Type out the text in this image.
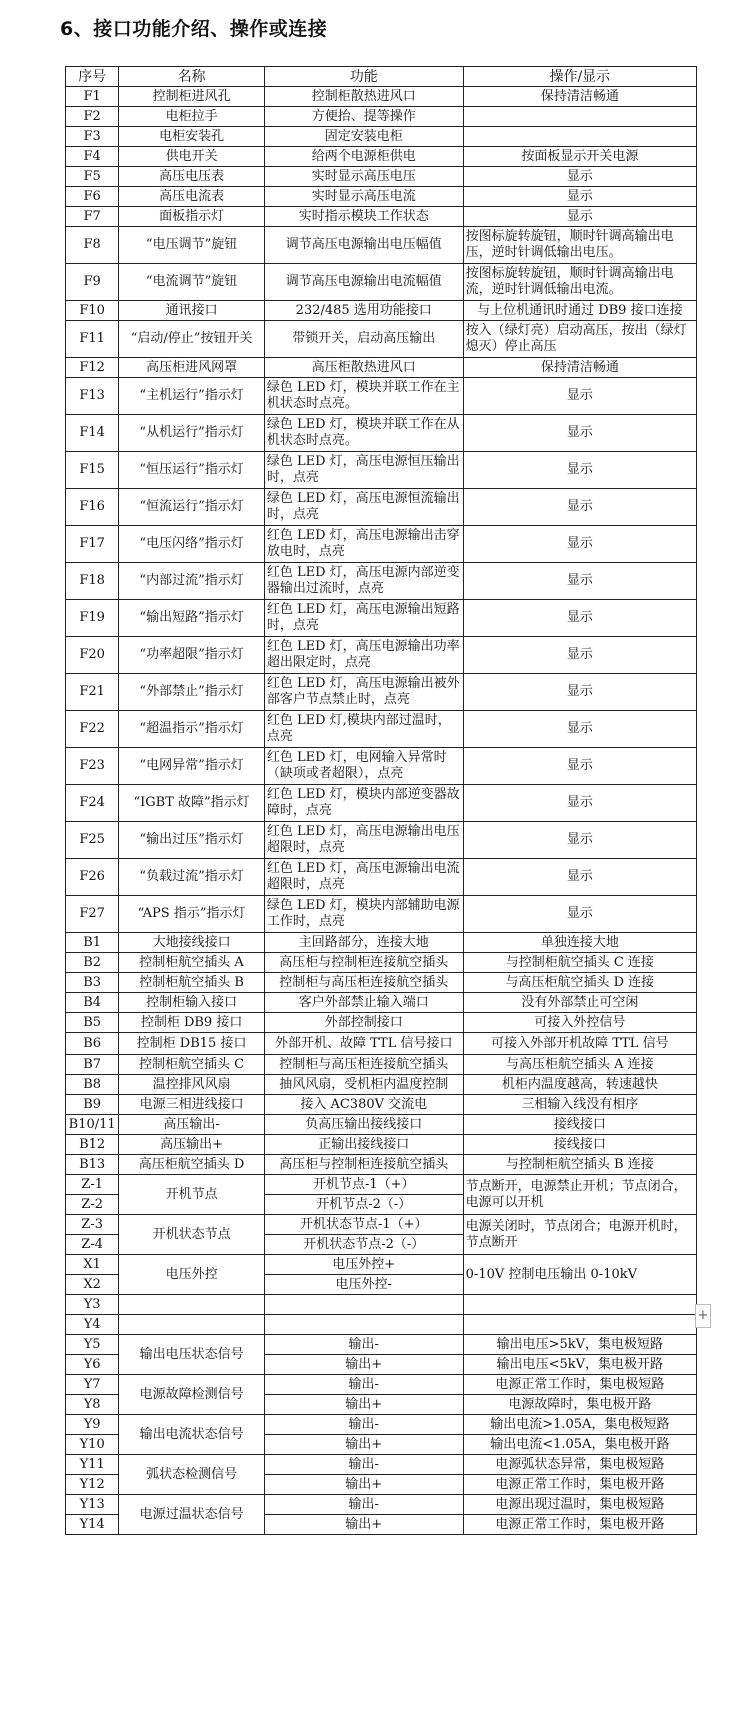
6、接口功能介绍、操作或连接
序号	名称	功能	操作/显示
F1	控制柜进风孔	控制柜散热进风口	保持清洁畅通
F2	电柜拉手	方便抬、提等操作	
F3	电柜安装孔	固定安装电柜	
F4	供电开关	给两个电源柜供电	按面板显示开关电源
F5	高压电压表	实时显示高压电压	显示
F6	高压电流表	实时显示高压电流	显示
F7	面板指示灯	实时指示模块工作状态	显示
F8	“电压调节”旋钮	调节高压电源输出电压幅值	按图标旋转旋钮，顺时针调高输出电压，逆时针调低输出电压。
F9	“电流调节”旋钮	调节高压电源输出电流幅值	按图标旋转旋钮，顺时针调高输出电流，逆时针调低输出电流。
F10	通讯接口	232/485 选用功能接口	与上位机通讯时通过 DB9 接口连接
F11	“启动/停止”按钮开关	带锁开关，启动高压输出	按入（绿灯亮）启动高压，按出（绿灯熄灭）停止高压
F12	高压柜进风网罩	高压柜散热进风口	保持清洁畅通
F13	“主机运行”指示灯	绿色 LED 灯，模块并联工作在主机状态时点亮。	显示
F14	“从机运行”指示灯	绿色 LED 灯，模块并联工作在从机状态时点亮。	显示
F15	“恒压运行”指示灯	绿色 LED 灯，高压电源恒压输出时，点亮	显示
F16	“恒流运行”指示灯	绿色 LED 灯，高压电源恒流输出时，点亮	显示
F17	“电压闪络”指示灯	红色 LED 灯，高压电源输出击穿放电时，点亮	显示
F18	“内部过流”指示灯	红色 LED 灯，高压电源内部逆变器输出过流时，点亮	显示
F19	“输出短路”指示灯	红色 LED 灯，高压电源输出短路时，点亮	显示
F20	“功率超限”指示灯	红色 LED 灯，高压电源输出功率超出限定时，点亮	显示
F21	“外部禁止”指示灯	红色 LED 灯，高压电源输出被外部客户节点禁止时，点亮	显示
F22	“超温指示”指示灯	红色 LED 灯,模块内部过温时，点亮	显示
F23	“电网异常”指示灯	红色 LED 灯，电网输入异常时（缺项或者超限），点亮	显示
F24	“IGBT 故障”指示灯	红色 LED 灯，模块内部逆变器故障时，点亮	显示
F25	“输出过压”指示灯	红色 LED 灯，高压电源输出电压超限时，点亮	显示
F26	“负载过流”指示灯	红色 LED 灯，高压电源输出电流超限时，点亮	显示
F27	“APS 指示”指示灯	绿色 LED 灯，模块内部辅助电源工作时，点亮	显示
B1	大地接线接口	主回路部分，连接大地	单独连接大地
B2	控制柜航空插头 A	高压柜与控制柜连接航空插头	与控制柜航空插头 C 连接
B3	控制柜航空插头 B	控制柜与高压柜连接航空插头	与高压柜航空插头 D 连接
B4	控制柜输入接口	客户外部禁止输入端口	没有外部禁止可空闲
B5	控制柜 DB9 接口	外部控制接口	可接入外控信号
B6	控制柜 DB15 接口	外部开机、故障 TTL 信号接口	可接入外部开机故障 TTL 信号
B7	控制柜航空插头 C	控制柜与高压柜连接航空插头	与高压柜航空插头 A 连接
B8	温控排风风扇	抽风风扇，受机柜内温度控制	机柜内温度越高，转速越快
B9	电源三相进线接口	接入 AC380V 交流电	三相输入线没有相序
B10/11	高压输出-	负高压输出接线接口	接线接口
B12	高压输出+	正输出接线接口	接线接口
B13	高压柜航空插头 D	高压柜与控制柜连接航空插头	与控制柜航空插头 B 连接
Z-1	开机节点	开机节点-1（+）	节点断开，电源禁止开机；节点闭合，电源可以开机
Z-2		开机节点-2（-）	
Z-3	开机状态节点	开机状态节点-1（+）	电源关闭时，节点闭合；电源开机时，节点断开
Z-4		开机状态节点-2（-）	
X1	电压外控	电压外控+	0-10V 控制电压输出 0-10kV
X2		电压外控-	
Y3			
Y4			
Y5	输出电压状态信号	输出-	输出电压>5kV，集电极短路
Y6		输出+	输出电压<5kV，集电极开路
Y7	电源故障检测信号	输出-	电源正常工作时，集电极短路
Y8		输出+	电源故障时，集电极开路
Y9	输出电流状态信号	输出-	输出电流>1.05A，集电极短路
Y10		输出+	输出电流<1.05A，集电极开路
Y11	弧状态检测信号	输出-	电源弧状态异常，集电极短路
Y12		输出+	电源正常工作时，集电极开路
Y13	电源过温状态信号	输出-	电源出现过温时，集电极短路
Y14		输出+	电源正常工作时，集电极开路
+
